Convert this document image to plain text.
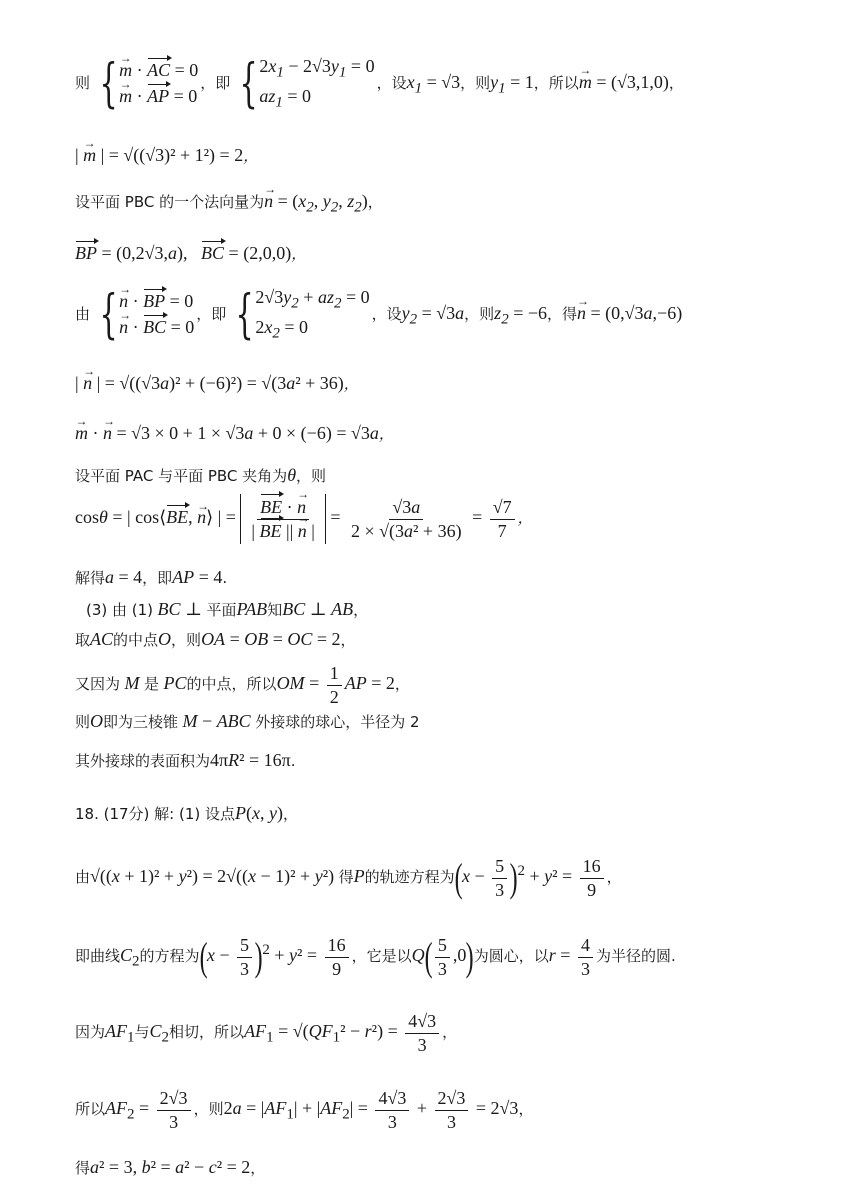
则 { → m · AC = 0
→ m · AP = 0
，即 { $2x_1 - 2√3y_1 = 0$
$az_1 = 0$
，设$x_1 = √3$，则$y_1 = 1$，所以→ m = (√3,1,0)，
| → m | = √((√3)² + 1²) = 2，
设平面 PBC 的一个法向量为→ $n = (x_2$, $y_2$, $z_2$)，
BP = (0,2√3,a),   BC = (2,0,0)，
由 { → n · BP = 0
→ n · BC = 0
，即 { $2√3y_2 + az_2 = 0$
$2x_2 = 0$
，设$y_2 = √3a$，则$z_2 = -6$，得→ n = (0,√3a,−6)
| → n | = √((√3a)² + (−6)²) = √(3a² + 36)，
→ m · → n = √3 × 0 + 1 × √3a + 0 × (−6) = √3a，
设平面 PAC 与平面 PBC 夹角为θ，则
cosθ = | cos⟨BE, → n⟩ | = $\frac{BE \cdot \to n}{| BE || \to n |} = \frac{√3a}{\text{2 × √(3a² + 36)}} = \frac{√7}{7}$ ，
解得a = 4，即AP = 4.
(3) 由 (1) BC ⊥ 平面PAB知BC ⊥ AB，
取AC的中点O，则OA = OB = OC = 2，
又因为 M 是 PC的中点，所以OM = $\frac{1}{2}$ AP = 2，
则O即为三棱锥 M − ABC 外接球的球心，半径为 2
其外接球的表面积为4πR² = 16π.
18. (17分) 解: (1) 设点P(x, y)，
由√((x + 1)² + y²) = 2√((x − 1)² + y²) 得P的轨迹方程为$(x - \frac{5}{3} )^2 + y^2 = \frac{16}{9}$ ，
即曲线$C_2$的方程为$(x - \frac{5}{3} )^2 + y^2 = \frac{16}{9}$ ，它是以$Q( \frac{5}{3} ,0)$为圆心，以$r = \frac{4}{3}$ 为半径的圆.
因为$AF_1$与$C_2$相切，所以$AF_1 = √(QF_1^2 - r^2) = \frac{4√3}{3}$ ，
所以$AF_2 = \frac{2√3}{3}$ ，则$2a = |AF_1| + |AF_2| = \frac{4√3}{3} + \frac{2√3}{3} = 2√3$，
得a² = 3, b² = a² − c² = 2，
